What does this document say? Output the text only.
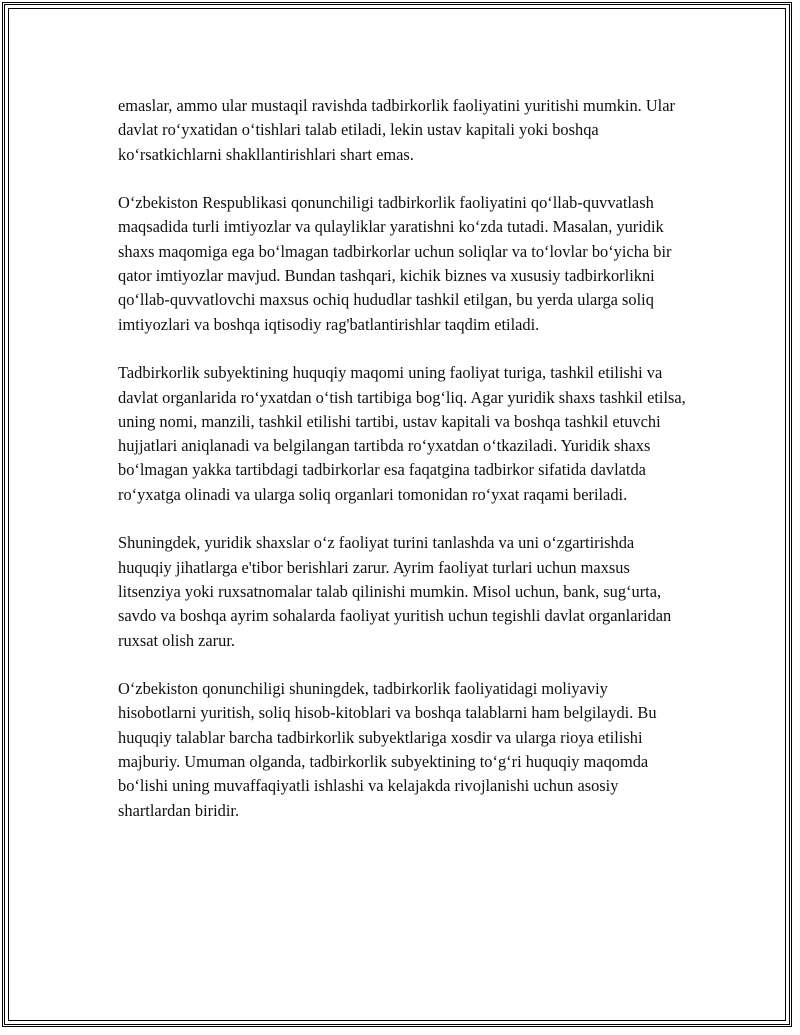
emaslar, ammo ular mustaqil ravishda tadbirkorlik faoliyatini yuritishi mumkin. Ular davlat ro‘yxatidan o‘tishlari talab etiladi, lekin ustav kapitali yoki boshqa ko‘rsatkichlarni shakllantirishlari shart emas.

O‘zbekiston Respublikasi qonunchiligi tadbirkorlik faoliyatini qo‘llab-quvvatlash maqsadida turli imtiyozlar va qulayliklar yaratishni ko‘zda tutadi. Masalan, yuridik shaxs maqomiga ega bo‘lmagan tadbirkorlar uchun soliqlar va to‘lovlar bo‘yicha bir qator imtiyozlar mavjud. Bundan tashqari, kichik biznes va xususiy tadbirkorlikni qo‘llab-quvvatlovchi maxsus ochiq hududlar tashkil etilgan, bu yerda ularga soliq imtiyozlari va boshqa iqtisodiy rag'batlantirishlar taqdim etiladi.

Tadbirkorlik subyektining huquqiy maqomi uning faoliyat turiga, tashkil etilishi va davlat organlarida ro‘yxatdan o‘tish tartibiga bog‘liq. Agar yuridik shaxs tashkil etilsa, uning nomi, manzili, tashkil etilishi tartibi, ustav kapitali va boshqa tashkil etuvchi hujjatlari aniqlanadi va belgilangan tartibda ro‘yxatdan o‘tkaziladi. Yuridik shaxs bo‘lmagan yakka tartibdagi tadbirkorlar esa faqatgina tadbirkor sifatida davlatda ro‘yxatga olinadi va ularga soliq organlari tomonidan ro‘yxat raqami beriladi.

Shuningdek, yuridik shaxslar o‘z faoliyat turini tanlashda va uni o‘zgartirishda huquqiy jihatlarga e'tibor berishlari zarur. Ayrim faoliyat turlari uchun maxsus litsenziya yoki ruxsatnomalar talab qilinishi mumkin. Misol uchun, bank, sug‘urta, savdo va boshqa ayrim sohalarda faoliyat yuritish uchun tegishli davlat organlaridan ruxsat olish zarur.

O‘zbekiston qonunchiligi shuningdek, tadbirkorlik faoliyatidagi moliyaviy hisobotlarni yuritish, soliq hisob-kitoblari va boshqa talablarni ham belgilaydi. Bu huquqiy talablar barcha tadbirkorlik subyektlariga xosdir va ularga rioya etilishi majburiy. Umuman olganda, tadbirkorlik subyektining to‘g‘ri huquqiy maqomda bo‘lishi uning muvaffaqiyatli ishlashi va kelajakda rivojlanishi uchun asosiy shartlardan biridir.
